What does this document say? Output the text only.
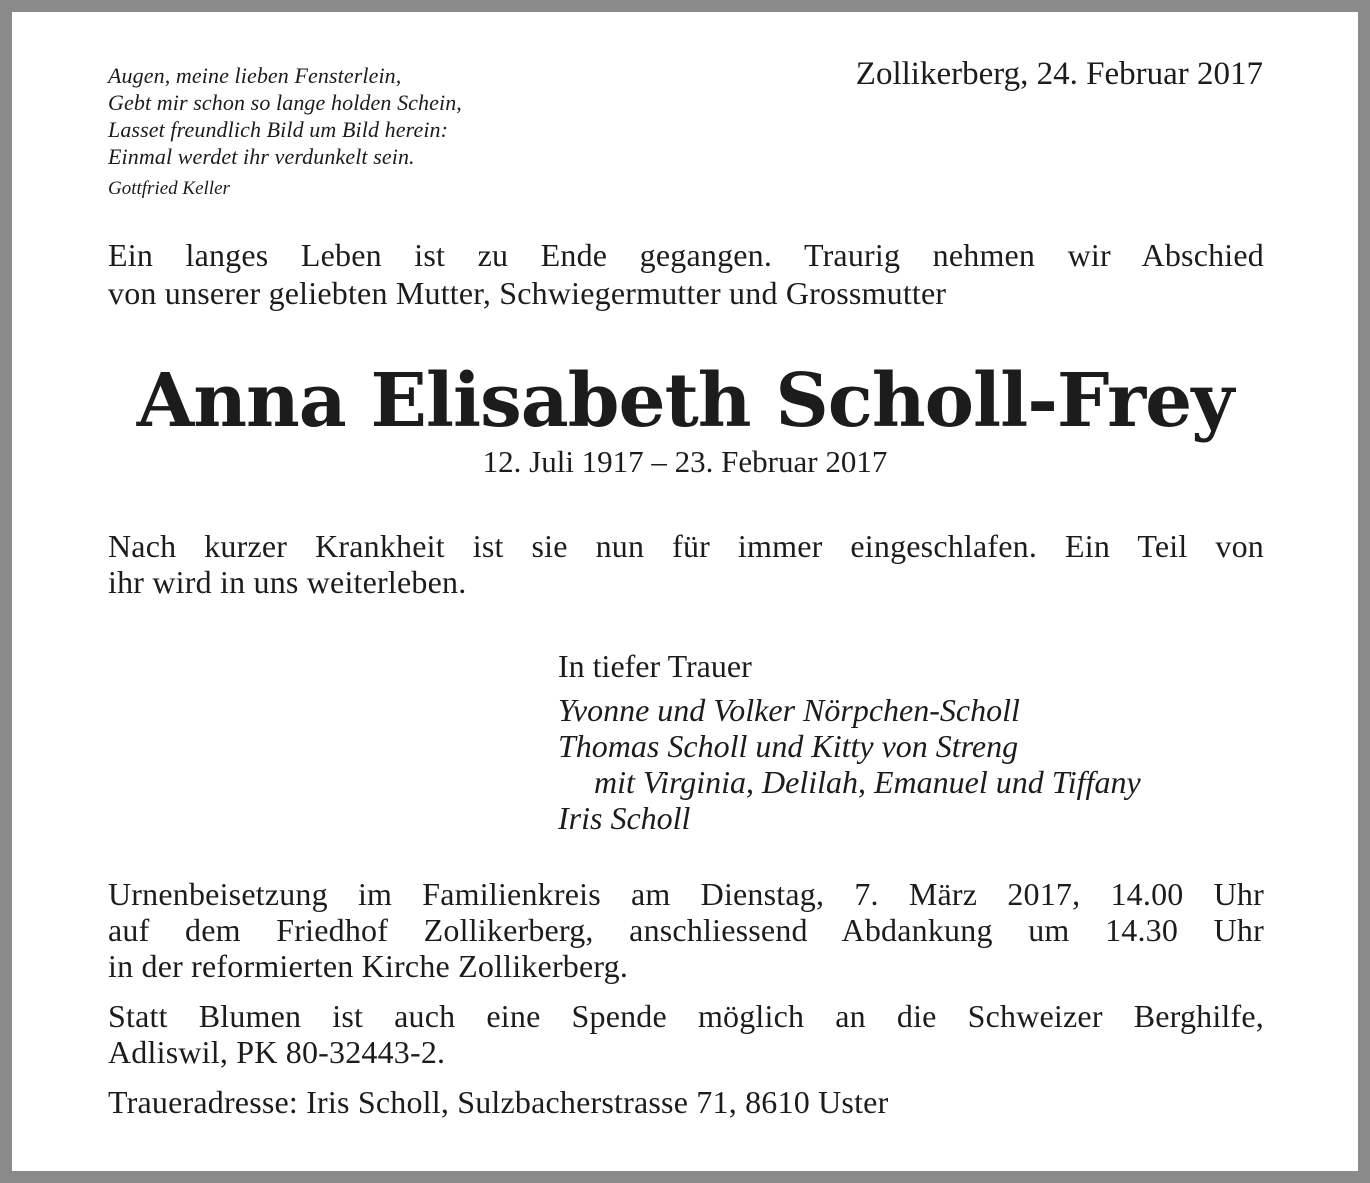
Augen, meine lieben Fensterlein,
Gebt mir schon so lange holden Schein,
Lasset freundlich Bild um Bild herein:
Einmal werdet ihr verdunkelt sein.
Gottfried Keller
Zollikerberg, 24. Februar 2017
Ein langes Leben ist zu Ende gegangen. Traurig nehmen wir Abschied
von unserer geliebten Mutter, Schwiegermutter und Grossmutter
Anna Elisabeth Scholl-Frey
12. Juli 1917 – 23. Februar 2017
Nach kurzer Krankheit ist sie nun für immer eingeschlafen. Ein Teil von
ihr wird in uns weiterleben.
In tiefer Trauer
Yvonne und Volker Nörpchen-Scholl
Thomas Scholl und Kitty von Streng
mit Virginia, Delilah, Emanuel und Tiffany
Iris Scholl
Urnenbeisetzung im Familienkreis am Dienstag, 7. März 2017, 14.00 Uhr
auf dem Friedhof Zollikerberg, anschliessend Abdankung um 14.30 Uhr
in der reformierten Kirche Zollikerberg.
Statt Blumen ist auch eine Spende möglich an die Schweizer Berghilfe,
Adliswil, PK 80-32443-2.
Traueradresse: Iris Scholl, Sulzbacherstrasse 71, 8610 Uster
